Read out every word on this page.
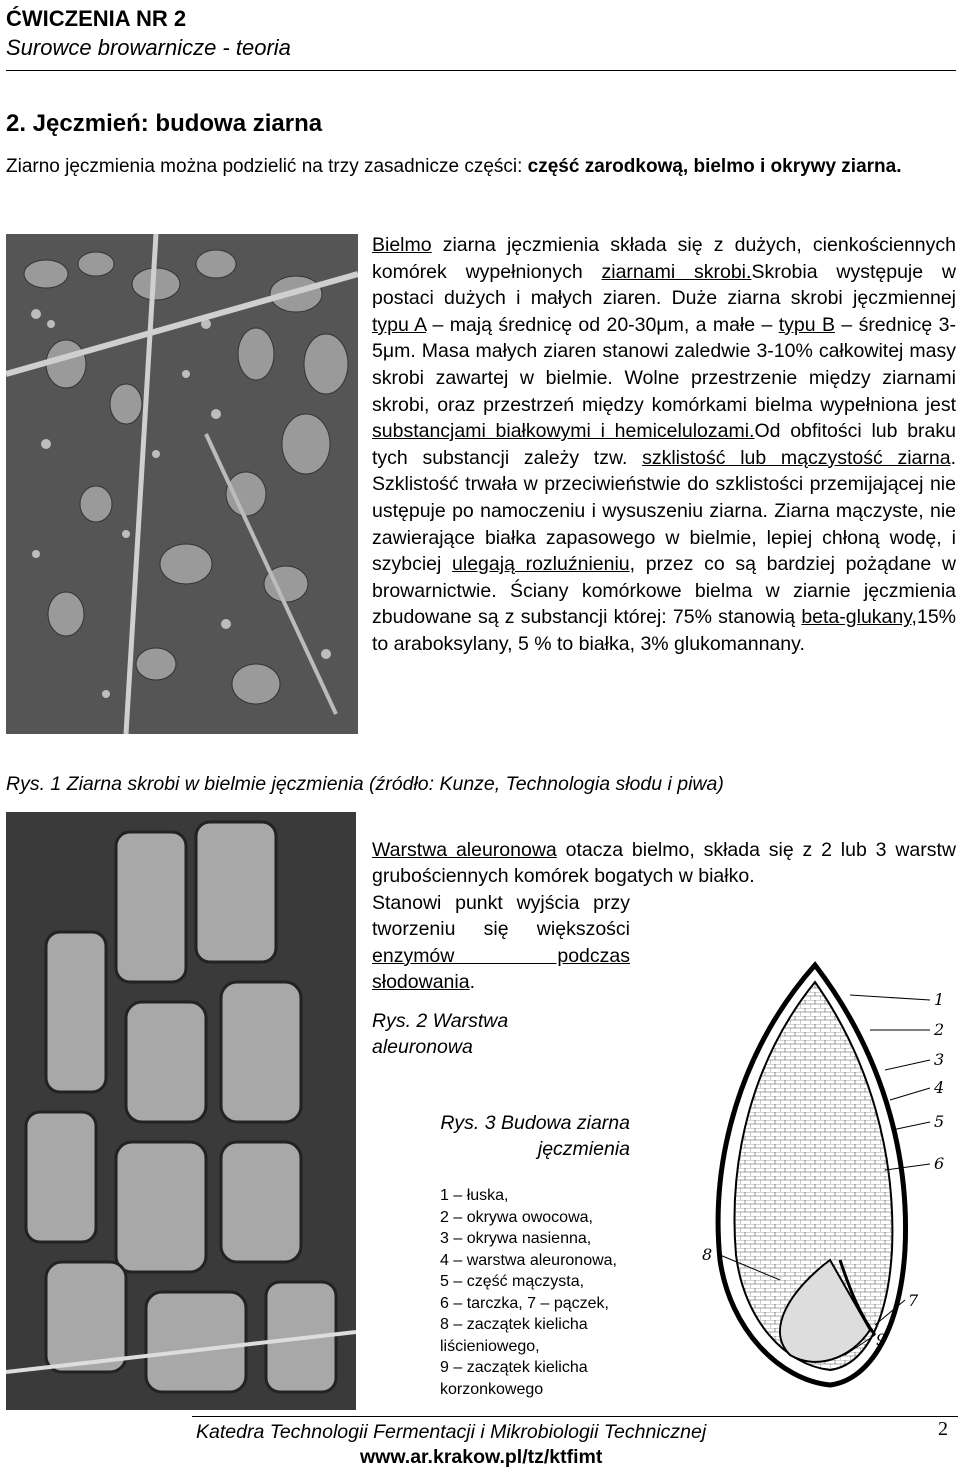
ĆWICZENIA NR 2
Surowce browarnicze - teoria
2. Jęczmień: budowa ziarna
Ziarno jęczmienia można podzielić na trzy zasadnicze części: część zarodkową, bielmo i okrywy ziarna.
Bielmo ziarna jęczmienia składa się z dużych, cienkościennych komórek wypełnionych ziarnami skrobi.Skrobia występuje w postaci dużych i małych ziaren. Duże ziarna skrobi jęczmiennej typu A – mają średnicę od 20-30μm, a małe – typu B – średnicę 3-5μm. Masa małych ziaren stanowi zaledwie 3-10% całkowitej masy skrobi zawartej w bielmie. Wolne przestrzenie między ziarnami skrobi, oraz przestrzeń między komórkami bielma wypełniona jest substancjami białkowymi i hemicelulozami.Od obfitości lub braku tych substancji zależy tzw. szklistość lub mączystość ziarna. Szklistość trwała w przeciwieństwie do szklistości przemijającej nie ustępuje po namoczeniu i wysuszeniu ziarna. Ziarna mączyste, nie zawierające białka zapasowego w bielmie, lepiej chłoną wodę, i szybciej ulegają rozluźnieniu, przez co są bardziej pożądane w browarnictwie. Ściany komórkowe bielma w ziarnie jęczmienia zbudowane są z substancji której: 75% stanowią beta-glukany,15% to araboksylany, 5 % to białka, 3% glukomannany.
Rys. 1 Ziarna skrobi w bielmie jęczmienia (źródło: Kunze, Technologia słodu i piwa)
Warstwa aleuronowa otacza bielmo, składa się z 2 lub 3 warstw grubościennych komórek bogatych w białko.
Stanowi punkt wyjścia przy tworzeniu się większości enzymów podczas słodowania.
Rys. 2 Warstwa aleuronowa
Rys. 3 Budowa ziarna jęczmienia
1 – łuska,
2 – okrywa owocowa,
3 – okrywa nasienna,
4 – warstwa aleuronowa,
5 – część mączysta,
6 – tarczka, 7 – pączek,
8 – zaczątek kielicha
liścieniowego,
9 – zaczątek kielicha
korzonkowego
1
2
3
4
5
6
7
8
9
Katedra Technologii Fermentacji i Mikrobiologii Technicznej
www.ar.krakow.pl/tz/ktfimt
2
